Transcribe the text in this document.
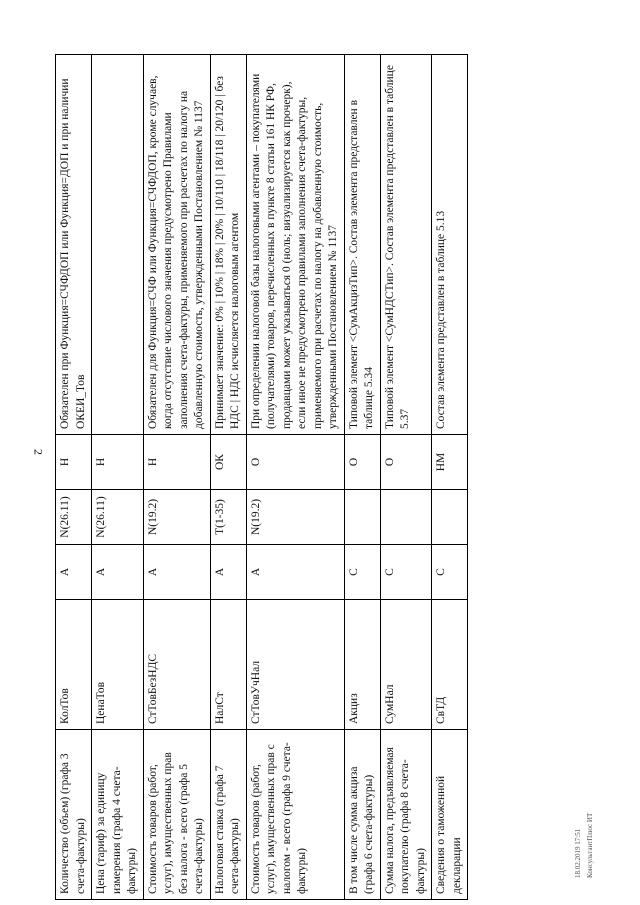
2
Количество (объем) (графа 3 счета-фактуры)	КолТов	А	N(26.11)	Н	Обязателен при Функция=СЧФДОП или Функция=ДОП и при наличии ОКЕИ_Тов
Цена (тариф) за единицу измерения (графа 4 счета-фактуры)	ЦенаТов	А	N(26.11)	Н	
Стоимость товаров (работ, услуг), имущественных прав без налога - всего (графа 5 счета-фактуры)	СтТовБезНДС	А	N(19.2)	Н	Обязателен для Функция=СЧФ или Функция=СЧФДОП, кроме случаев, когда отсутствие числового значения предусмотрено Правилами заполнения счета-фактуры, применяемого при расчетах по налогу на добавленную стоимость, утвержденными Постановлением № 1137
Налоговая ставка (графа 7 счета-фактуры)	НалСт	А	T(1-35)	ОК	Принимает значение: 0% | 10% | 18% | 20% | 10/110 | 18/118 | 20/120 | без НДС | НДС исчисляется налоговым агентом
Стоимость товаров (работ, услуг), имущественных прав с налогом - всего (графа 9 счета-фактуры)	СтТовУчНал	А	N(19.2)	О	При определении налоговой базы налоговыми агентами – покупателями (получателями) товаров, перечисленных в пункте 8 статьи 161 НК РФ, продавцами может указываться 0 (ноль; визуализируется как прочерк), если иное не предусмотрено правилами заполнения счета-фактуры, применяемого при расчетах по налогу на добавленную стоимость, утвержденными Постановлением № 1137
В том числе сумма акциза (графа 6 счета-фактуры)	Акциз	С		О	Типовой элемент <СумАкцизТип>. Состав элемента представлен в таблице 5.34
Сумма налога, предъявляемая покупателю (графа 8 счета-фактуры)	СумНал	С		О	Типовой элемент <СумНДСТип>. Состав элемента представлен в таблице 5.37
Сведения о таможенной декларации	СвТД	С		НМ	Состав элемента представлен в таблице 5.13
18.02.2019 17:51 КонсультантПлюс ИТ
